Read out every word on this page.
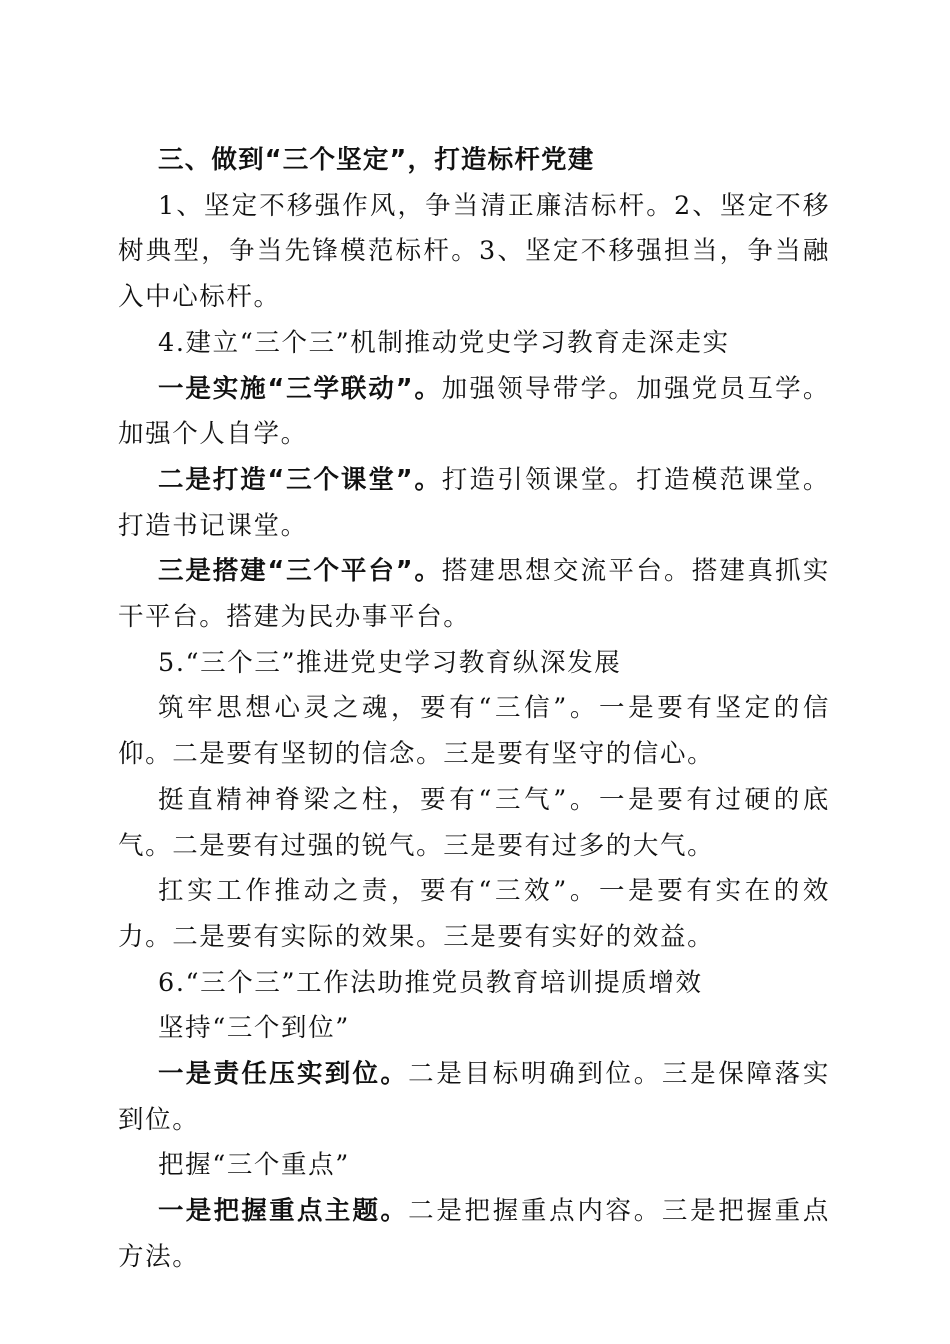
三、做到“三个坚定”，打造标杆党建

1、坚定不移强作风，争当清正廉洁标杆。2、坚定不移树典型，争当先锋模范标杆。3、坚定不移强担当，争当融入中心标杆。

4.建立“三个三”机制推动党史学习教育走深走实

一是实施“三学联动”。加强领导带学。加强党员互学。加强个人自学。

二是打造“三个课堂”。打造引领课堂。打造模范课堂。打造书记课堂。

三是搭建“三个平台”。搭建思想交流平台。搭建真抓实干平台。搭建为民办事平台。

5.“三个三”推进党史学习教育纵深发展

筑牢思想心灵之魂，要有“三信”。一是要有坚定的信仰。二是要有坚韧的信念。三是要有坚守的信心。

挺直精神脊梁之柱，要有“三气”。一是要有过硬的底气。二是要有过强的锐气。三是要有过多的大气。

扛实工作推动之责，要有“三效”。一是要有实在的效力。二是要有实际的效果。三是要有实好的效益。

6.“三个三”工作法助推党员教育培训提质增效

坚持“三个到位”

一是责任压实到位。二是目标明确到位。三是保障落实到位。

把握“三个重点”

一是把握重点主题。二是把握重点内容。三是把握重点方法。
